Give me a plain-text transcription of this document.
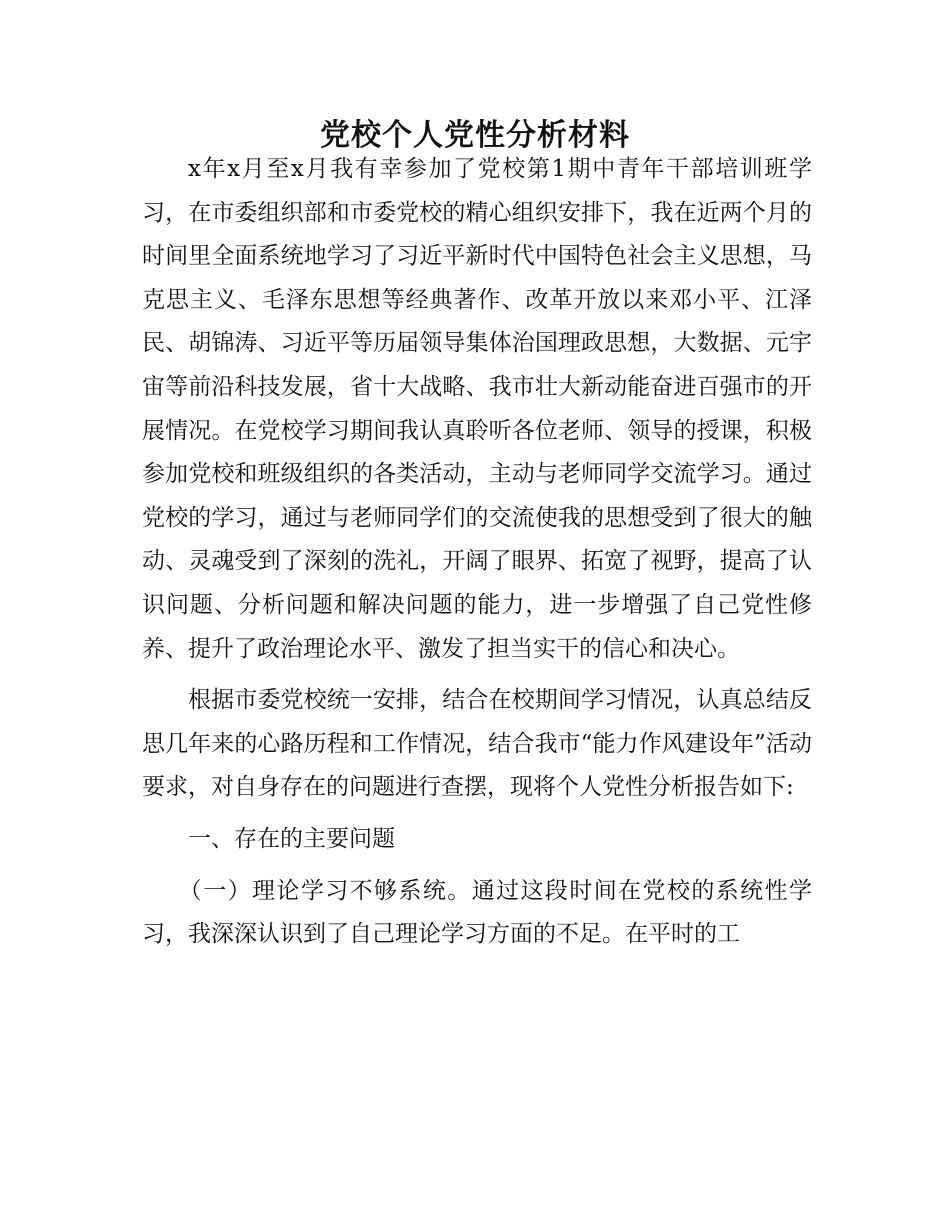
党校个人党性分析材料

x年x月至x月我有幸参加了党校第1期中青年干部培训班学习，在市委组织部和市委党校的精心组织安排下，我在近两个月的时间里全面系统地学习了习近平新时代中国特色社会主义思想，马克思主义、毛泽东思想等经典著作、改革开放以来邓小平、江泽民、胡锦涛、习近平等历届领导集体治国理政思想，大数据、元宇宙等前沿科技发展，省十大战略、我市壮大新动能奋进百强市的开展情况。在党校学习期间我认真聆听各位老师、领导的授课，积极参加党校和班级组织的各类活动，主动与老师同学交流学习。通过党校的学习，通过与老师同学们的交流使我的思想受到了很大的触动、灵魂受到了深刻的洗礼，开阔了眼界、拓宽了视野，提高了认识问题、分析问题和解决问题的能力，进一步增强了自己党性修养、提升了政治理论水平、激发了担当实干的信心和决心。

根据市委党校统一安排，结合在校期间学习情况，认真总结反思几年来的心路历程和工作情况，结合我市“能力作风建设年”活动要求，对自身存在的问题进行查摆，现将个人党性分析报告如下:

一、存在的主要问题

（一）理论学习不够系统。通过这段时间在党校的系统性学习，我深深认识到了自己理论学习方面的不足。在平时的工
